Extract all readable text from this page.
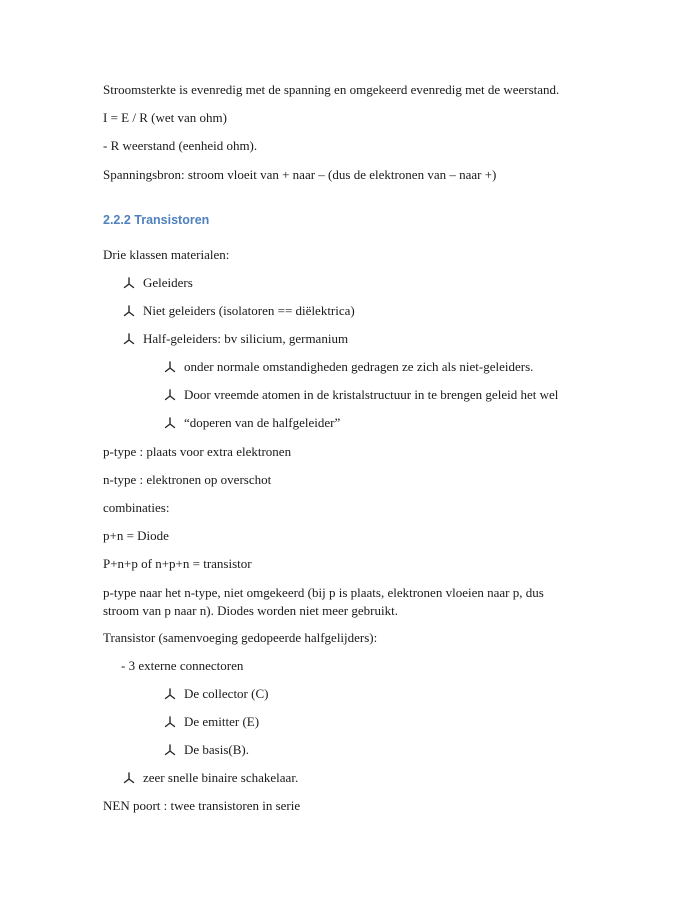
Stroomsterkte is evenredig met de spanning en omgekeerd evenredig met de weerstand.
I = E / R (wet van ohm)
- R weerstand (eenheid ohm).
Spanningsbron: stroom vloeit van + naar – (dus de elektronen van – naar +)
2.2.2 Transistoren
Drie klassen materialen:
Geleiders
Niet geleiders (isolatoren == diëlektrica)
Half-geleiders: bv silicium, germanium
onder normale omstandigheden gedragen ze zich als niet-geleiders.
Door vreemde atomen in de kristalstructuur in te brengen geleid het wel
“doperen van de halfgeleider”
p-type : plaats voor extra elektronen
n-type : elektronen op overschot
combinaties:
p+n = Diode
P+n+p of n+p+n = transistor
p-type naar het n-type, niet omgekeerd (bij p is plaats, elektronen vloeien naar p, dus stroom van p naar n). Diodes worden niet meer gebruikt.
Transistor (samenvoeging gedopeerde halfgelijders):
- 3 externe connectoren
De collector (C)
De emitter (E)
De basis(B).
zeer snelle binaire schakelaar.
NEN poort : twee transistoren in serie
